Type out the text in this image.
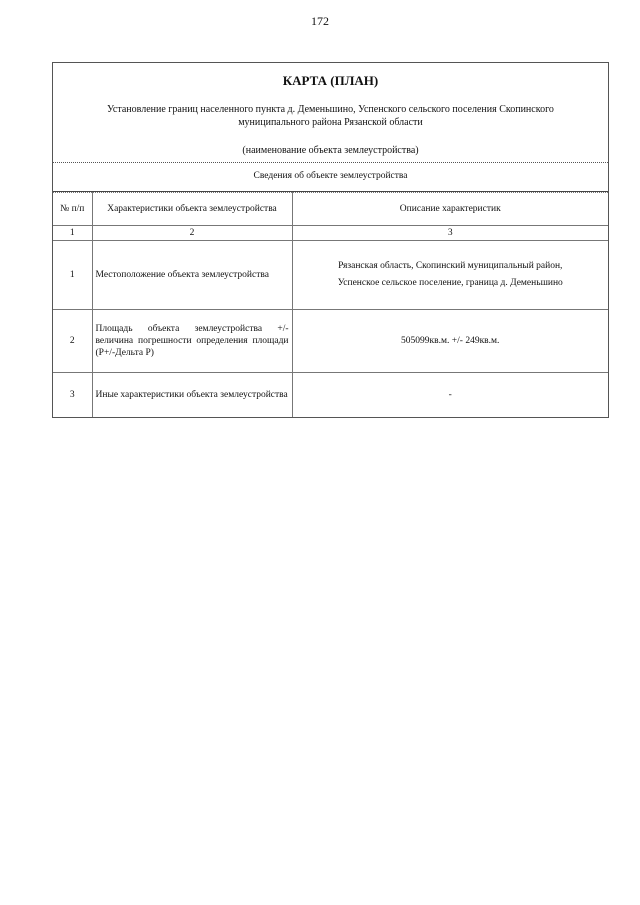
172
КАРТА (ПЛАН)
Установление границ населенного пункта д. Деменьшино, Успенского сельского поселения Скопинского муниципального района Рязанской области
(наименование объекта землеустройства)
Сведения об объекте землеустройства
№ п/п	Характеристики объекта землеустройства	Описание характеристик
1	2	3
1	Местоположение объекта землеустройства	Рязанская область, Скопинский муниципальный район,
Успенское сельское поселение, граница д. Деменьшино

2	Площадь объекта землеустройства +/- величина погрешности определения площади (P+/-Дельта P)	505099кв.м. +/- 249кв.м.
3	Иные характеристики объекта землеустройства	-
